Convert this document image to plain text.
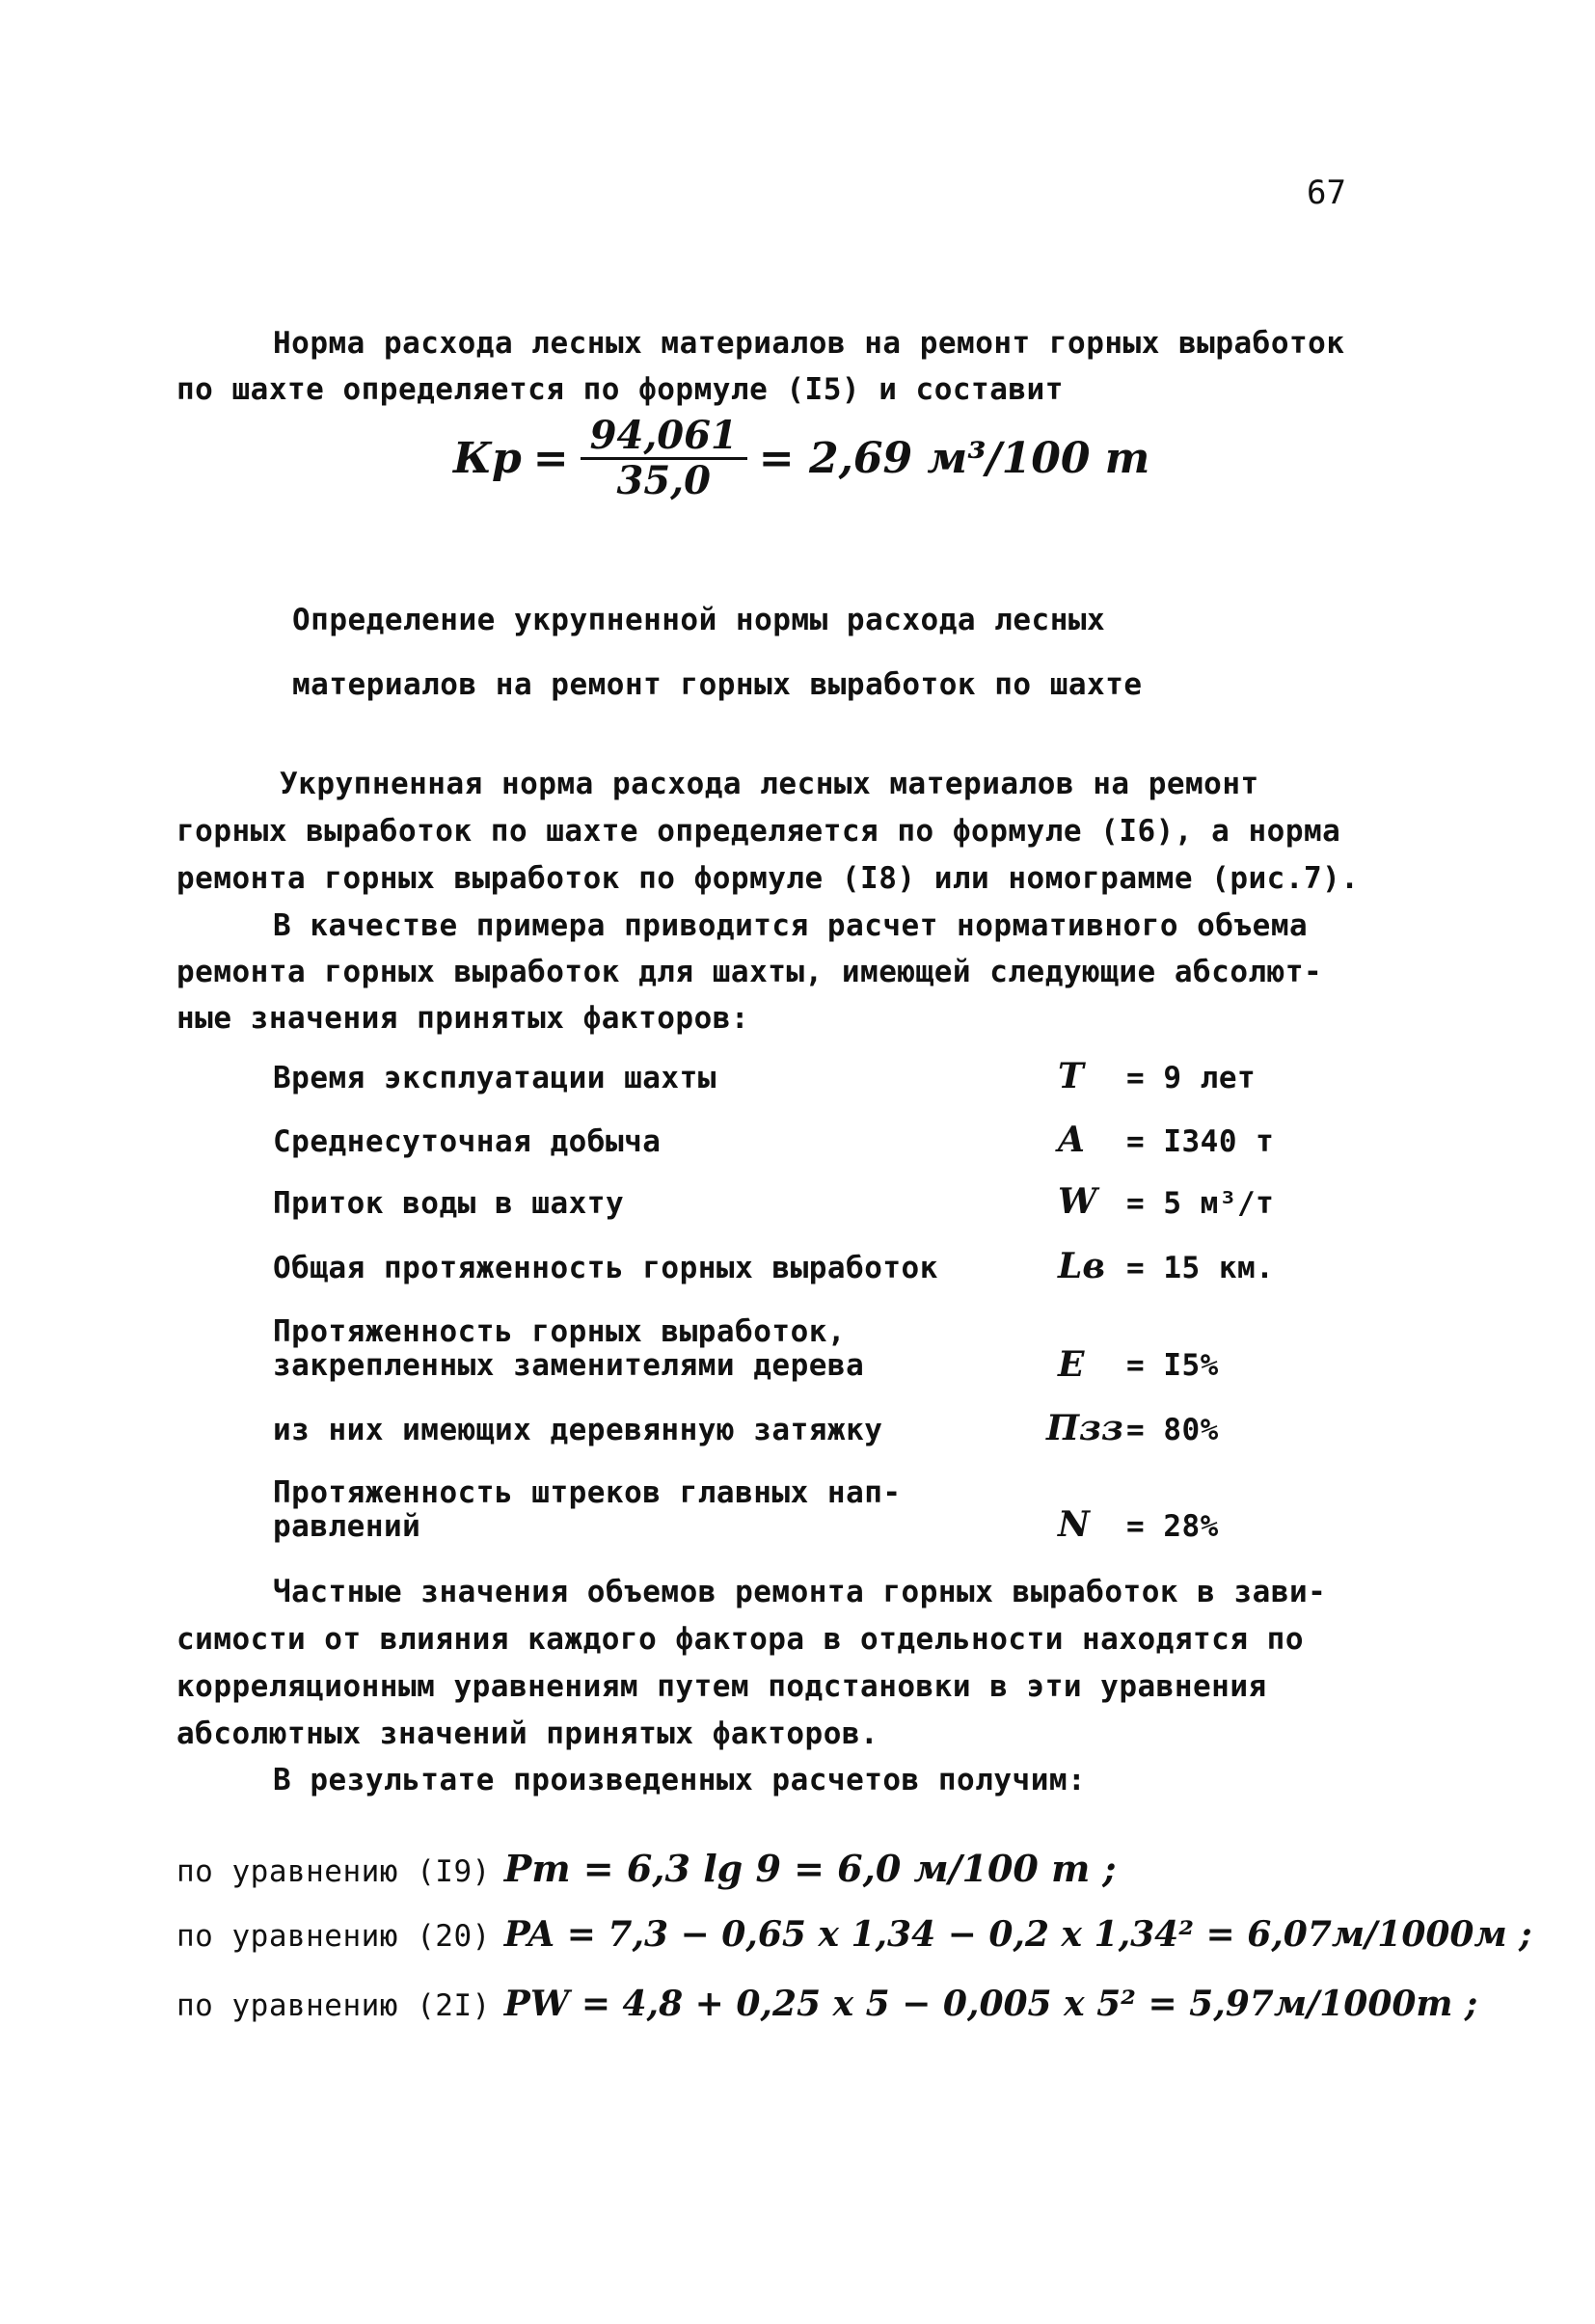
67
Норма расхода лесных материалов на ремонт горных выработок
по шахте определяется по формуле (I5) и составит
Кр = $\frac{94,061}{35,0} = 2,69$ м³/100 т
Определение укрупненной нормы расхода лесных
материалов на ремонт горных выработок по шахте
Укрупненная норма расхода лесных материалов на ремонт
горных выработок по шахте определяется по формуле (I6), а норма
ремонта горных выработок по формуле (I8) или номограмме (рис.7).
В качестве примера приводится расчет нормативного объема
ремонта горных выработок для шахты, имеющей следующие абсолют-
ные значения принятых факторов:
Время эксплуатации шахты	T = 9 лет
Среднесуточная добыча	A = I340 т
Приток воды в шахту	W = 5 м³/т
Общая протяженность горных выработок	Lв = 15 км.
Протяженность горных выработок,
закрепленных заменителями дерева	E = I5%
из них имеющих деревянную затяжку	Пзз = 80%
Протяженность штреков главных нап-
равлений	N = 28%
Частные значения объемов ремонта горных выработок в зави-
симости от влияния каждого фактора в отдельности находятся по
корреляционным уравнениям путем подстановки в эти уравнения
абсолютных значений принятых факторов.
В результате произведенных расчетов получим:
по уравнению (I9) Pт = 6,3 lg 9 = 6,0 м/100 т ;
по уравнению (20) PA = 7,3 − 0,65 х 1,34 − 0,2 х 1,34² = 6,07м/1000м ;
по уравнению (2I) PW = 4,8 + 0,25 х 5 − 0,005 х 5² = 5,97м/1000т ;
